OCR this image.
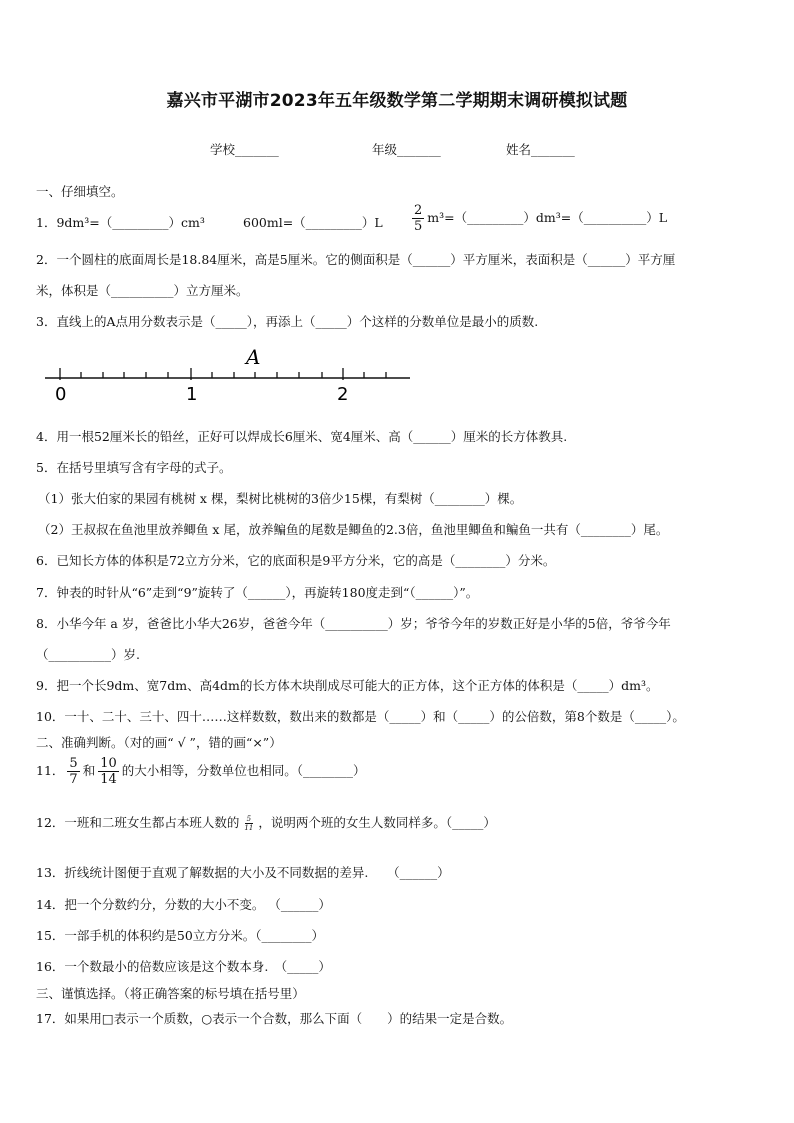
嘉兴市平湖市2023年五年级数学第二学期期末调研模拟试题
学校_______	年级_______	姓名_______
一、仔细填空。
1．9dm³=（_________）cm³	600ml=（_________）L $\frac{2}{5}$ m³=（_________）dm³=（__________）L
2．一个圆柱的底面周长是18.84厘米，高是5厘米。它的侧面积是（______）平方厘米，表面积是（______）平方厘
米，体积是（__________）立方厘米。
3．直线上的A点用分数表示是（_____），再添上（_____）个这样的分数单位是最小的质数.
0	1	2
A
4．用一根52厘米长的铅丝，正好可以焊成长6厘米、宽4厘米、高（______）厘米的长方体教具.
5．在括号里填写含有字母的式子。
（1）张大伯家的果园有桃树 x 棵，梨树比桃树的3倍少15棵，有梨树（________）棵。
（2）王叔叔在鱼池里放养鲫鱼 x 尾，放养鳊鱼的尾数是鲫鱼的2.3倍，鱼池里鲫鱼和鳊鱼一共有（________）尾。
6．已知长方体的体积是72立方分米，它的底面积是9平方分米，它的高是（________）分米。
7．钟表的时针从“6”走到“9”旋转了（______），再旋转180度走到“（______）”。
8．小华今年 a 岁，爸爸比小华大26岁，爸爸今年（__________）岁；爷爷今年的岁数正好是小华的5倍，爷爷今年
（__________）岁.
9．把一个长9dm、宽7dm、高4dm的长方体木块削成尽可能大的正方体，这个正方体的体积是（_____）dm³。
10．一十、二十、三十、四十……这样数数，数出来的数都是（_____）和（_____）的公倍数，第8个数是（_____）。
二、准确判断。（对的画“ √ ”，错的画“×”）
11． $\frac{5}{7}$ 和 $\frac{10}{14}$ 的大小相等，分数单位也相同。（________）
12．一班和二班女生都占本班人数的 $\frac{5}{11}$ ，说明两个班的女生人数同样多。（_____）
13．折线统计图便于直观了解数据的大小及不同数据的差异.　　（______）
14．把一个分数约分，分数的大小不变。 （______）
15．一部手机的体积约是50立方分米。（________）
16．一个数最小的倍数应该是这个数本身.　（_____）
三、谨慎选择。（将正确答案的标号填在括号里）
17．如果用□表示一个质数，○表示一个合数，那么下面（　　）的结果一定是合数。
